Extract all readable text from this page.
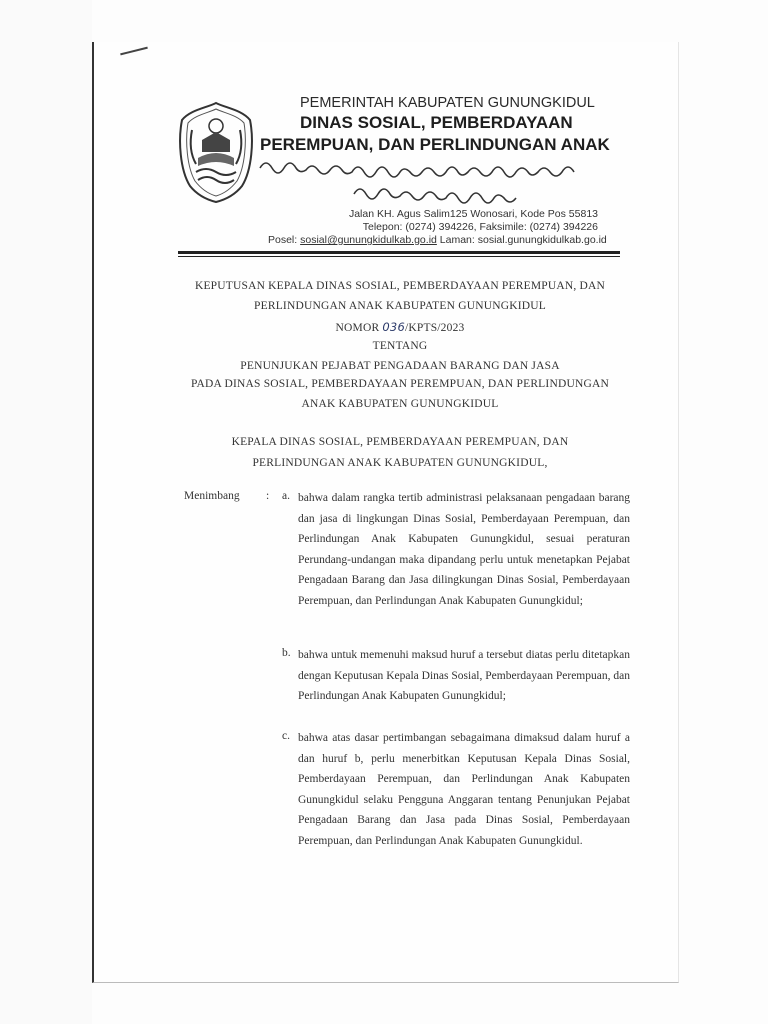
PEMERINTAH KABUPATEN GUNUNGKIDUL
DINAS SOSIAL, PEMBERDAYAAN
PEREMPUAN, DAN PERLINDUNGAN ANAK
Jalan KH. Agus Salim125 Wonosari, Kode Pos 55813
Telepon: (0274) 394226, Faksimile: (0274) 394226
Posel: sosial@gunungkidulkab.go.id Laman: sosial.gunungkidulkab.go.id
KEPUTUSAN KEPALA DINAS SOSIAL, PEMBERDAYAAN PEREMPUAN, DAN
PERLINDUNGAN ANAK KABUPATEN GUNUNGKIDUL
NOMOR 036/KPTS/2023
TENTANG
PENUNJUKAN PEJABAT PENGADAAN BARANG DAN JASA
PADA DINAS SOSIAL, PEMBERDAYAAN PEREMPUAN, DAN PERLINDUNGAN
ANAK KABUPATEN GUNUNGKIDUL
KEPALA DINAS SOSIAL, PEMBERDAYAAN PEREMPUAN, DAN
PERLINDUNGAN ANAK KABUPATEN GUNUNGKIDUL,
Menimbang : a. bahwa dalam rangka tertib administrasi pelaksanaan pengadaan barang dan jasa di lingkungan Dinas Sosial, Pemberdayaan Perempuan, dan Perlindungan Anak Kabupaten Gunungkidul, sesuai peraturan Perundang-undangan maka dipandang perlu untuk menetapkan Pejabat Pengadaan Barang dan Jasa dilingkungan Dinas Sosial, Pemberdayaan Perempuan, dan Perlindungan Anak Kabupaten Gunungkidul;
b. bahwa untuk memenuhi maksud huruf a tersebut diatas perlu ditetapkan dengan Keputusan Kepala Dinas Sosial, Pemberdayaan Perempuan, dan Perlindungan Anak Kabupaten Gunungkidul;
c. bahwa atas dasar pertimbangan sebagaimana dimaksud dalam huruf a dan huruf b, perlu menerbitkan Keputusan Kepala Dinas Sosial, Pemberdayaan Perempuan, dan Perlindungan Anak Kabupaten Gunungkidul selaku Pengguna Anggaran tentang Penunjukan Pejabat Pengadaan Barang dan Jasa pada Dinas Sosial, Pemberdayaan Perempuan, dan Perlindungan Anak Kabupaten Gunungkidul.
